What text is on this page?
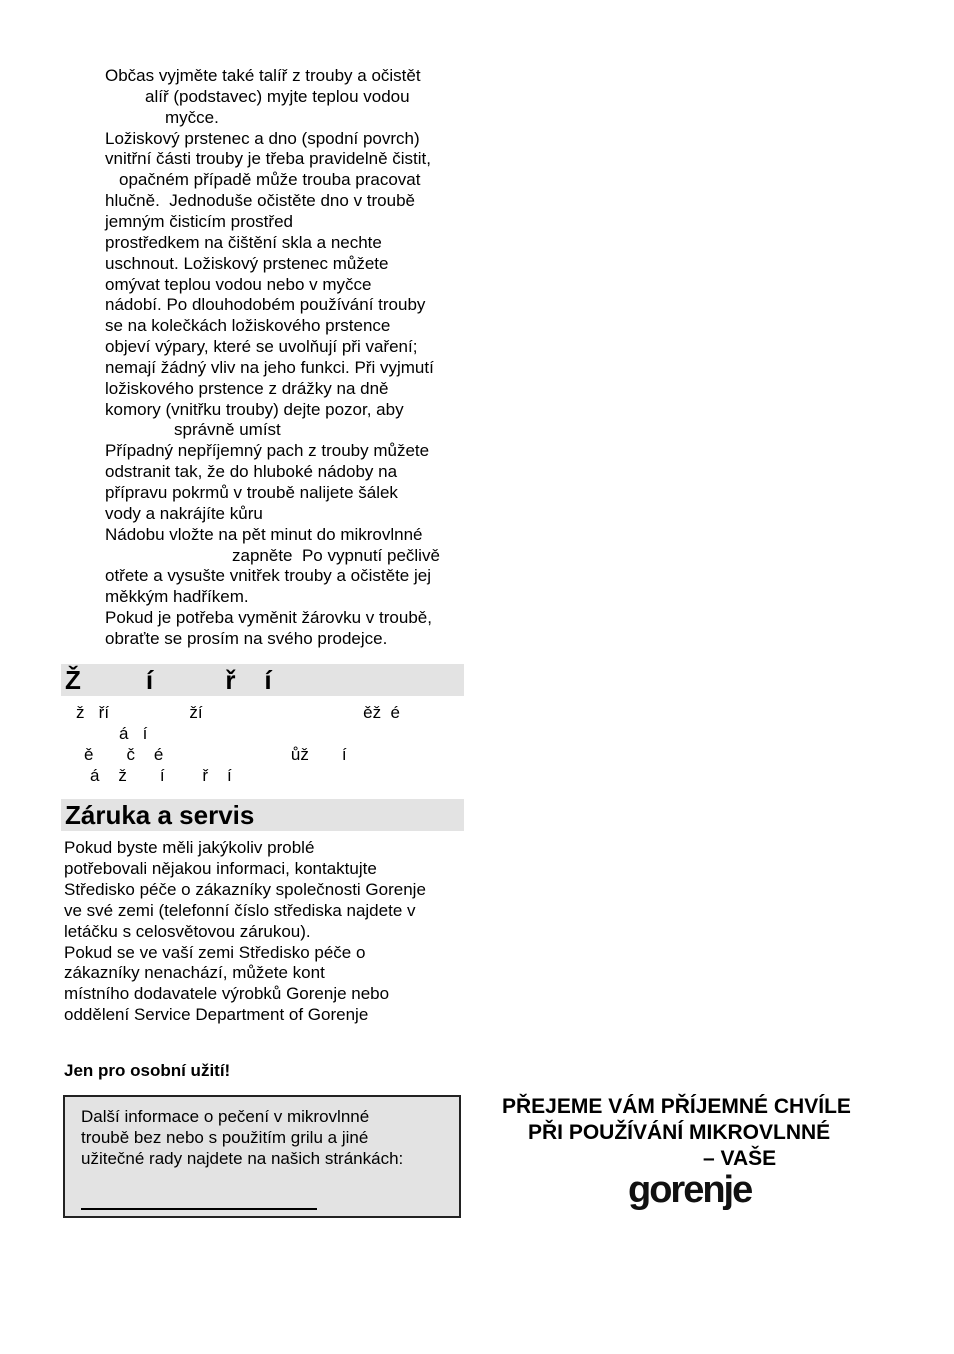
Občas vyjměte také talíř z trouby a očistět
alíř (podstavec) myjte teplou vodou
myčce.
Ložiskový prstenec a dno (spodní povrch)
vnitřní části trouby je třeba pravidelně čistit,
opačném případě může trouba pracovat
hlučně.  Jednoduše očistěte dno v troubě
jemným čisticím prostřed
prostředkem na čištění skla a nechte
uschnout. Ložiskový prstenec můžete
omývat teplou vodou nebo v myčce
nádobí. Po dlouhodobém používání trouby
se na kolečkách ložiskového prstence
objeví výpary, které se uvolňují při vaření;
nemají žádný vliv na jeho funkci. Při vyjmutí
ložiskového prstence z drážky na dně
komory (vnitřku trouby) dejte pozor, aby
správně umíst
Případný nepříjemný pach z trouby můžete
odstranit tak, že do hluboké nádoby na
přípravu pokrmů v troubě nalijete šálek
vody a nakrájíte kůru
Nádobu vložte na pět minut do mikrovlnné
zapněte  Po vypnutí pečlivě
otřete a vysušte vnitřek trouby a očistěte jej
měkkým hadříkem.
Pokud je potřeba vyměnit žárovku v troubě,
obraťte se prosím na svého prodejce.
Ž         í          ř    í
ž   ří                 ží                                  ěž  é
á   í
ě       č    é                           ůž       í
á    ž       í        ř    í
Záruka a servis
Pokud byste měli jakýkoliv problé
potřebovali nějakou informaci, kontaktujte
Středisko péče o zákazníky společnosti Gorenje
ve své zemi (telefonní číslo střediska najdete v
letáčku s celosvětovou zárukou).
Pokud se ve vaší zemi Středisko péče o
zákazníky nenachází, můžete kont
místního dodavatele výrobků Gorenje nebo
oddělení Service Department of Gorenje
Jen pro osobní užití!
Další informace o pečení v mikrovlnné
troubě bez nebo s použitím grilu a jiné
užitečné rady najdete na našich stránkách:
PŘEJEME VÁM PŘÍJEMNÉ CHVÍLE
PŘI POUŽÍVÁNÍ MIKROVLNNÉ
– VAŠE
gorenje
